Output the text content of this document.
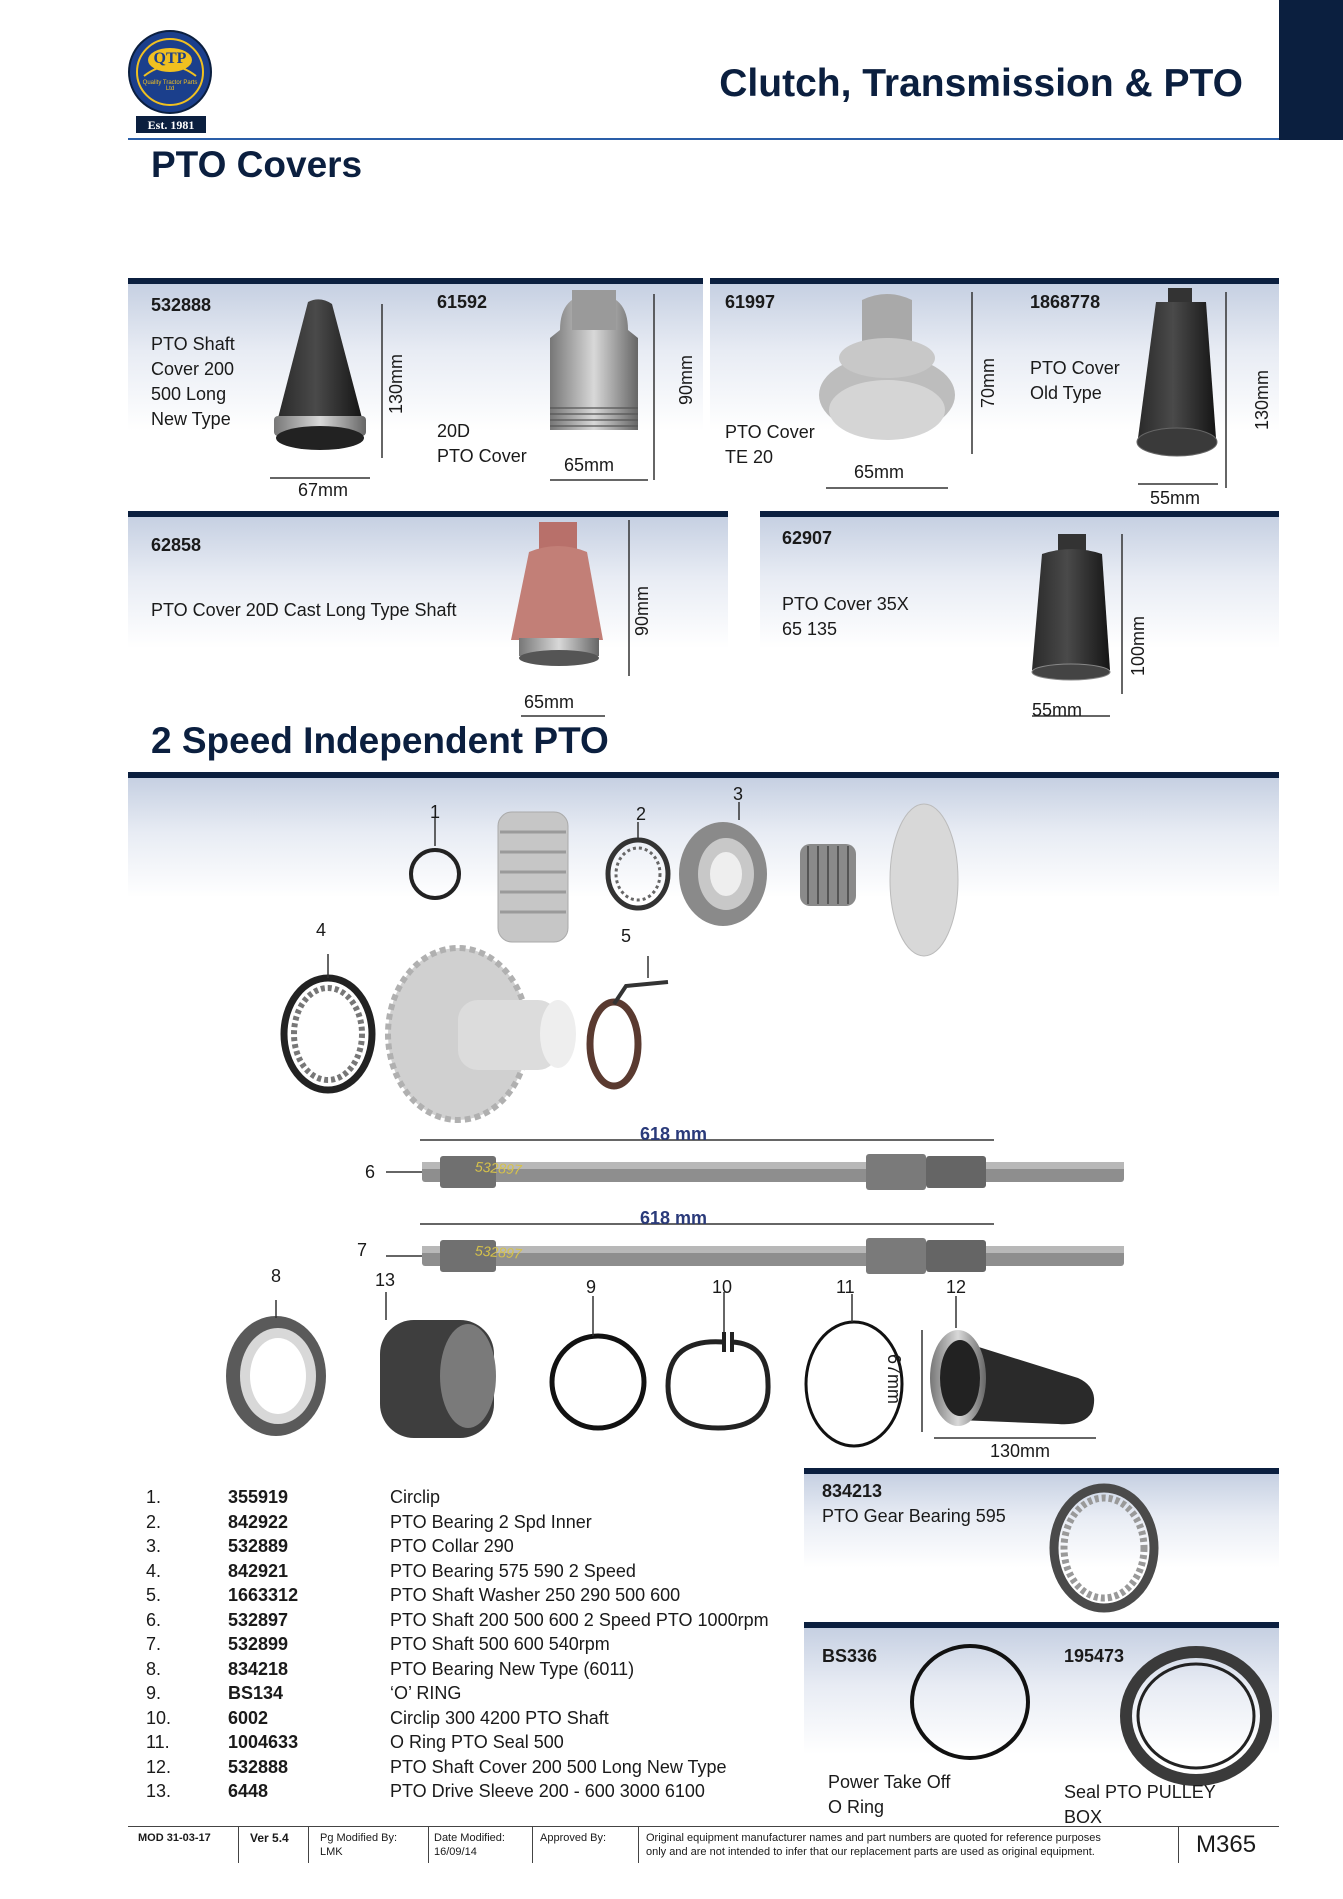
QTP
Quality Tractor Parts Ltd
Est. 1981
Clutch, Transmission & PTO
PTO Covers
532888
PTO Shaft
Cover 200
500 Long
New Type
130mm
67mm
61592
20D
PTO Cover
90mm
65mm
61997
PTO Cover
TE 20
70mm
65mm
1868778
PTO Cover
Old Type	130mm
55mm
62858
PTO Cover 20D Cast Long Type Shaft	90mm
65mm
62907
PTO Cover 35X
65 135	100mm
55mm
2 Speed Independent PTO
532897
532897
618 mm
618 mm
1	2
3
4	5
6
7
8	13	9	10	11	12
67mm
130mm
1.	355919	Circlip
2.	842922	PTO Bearing 2 Spd Inner
3.	532889	PTO Collar 290
4.	842921	PTO Bearing 575 590 2 Speed
5.	1663312	PTO Shaft Washer 250 290 500 600
6.	532897	PTO Shaft 200 500 600 2 Speed PTO 1000rpm
7.	532899	PTO Shaft 500 600 540rpm
8.	834218	PTO Bearing New Type (6011)
9.	BS134	‘O’ RING
10.	6002	Circlip 300 4200 PTO Shaft
11.	1004633	O Ring PTO Seal 500
12.	532888	PTO Shaft Cover 200 500 Long New Type
13.	6448	PTO Drive Sleeve 200 - 600 3000 6100
834213
PTO Gear Bearing 595
BS336
Power Take Off
O Ring
195473
Seal PTO PULLEY
BOX
MOD 31-03-17	Ver 5.4	Pg Modified By:
LMK
Date Modified:
16/09/14
Approved By:	Original equipment manufacturer names and part numbers are quoted for reference purposes
only and are not intended to infer that our replacement parts are used as original equipment.	M365
